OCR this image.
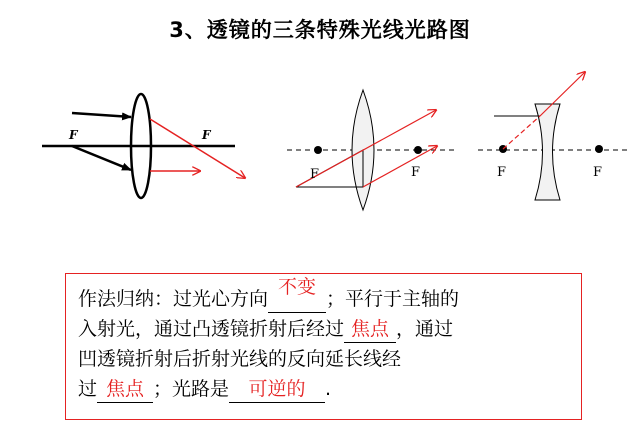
3、透镜的三条特殊光线光路图
F	F
F	F	F	F
作法归纳：过光心方向不变；平行于主轴的
入射光，通过凸透镜折射后经过 焦点 ，通过
凹透镜折射后折射光线的反向延长线经
过 焦点 ；光路是 可逆的 .
